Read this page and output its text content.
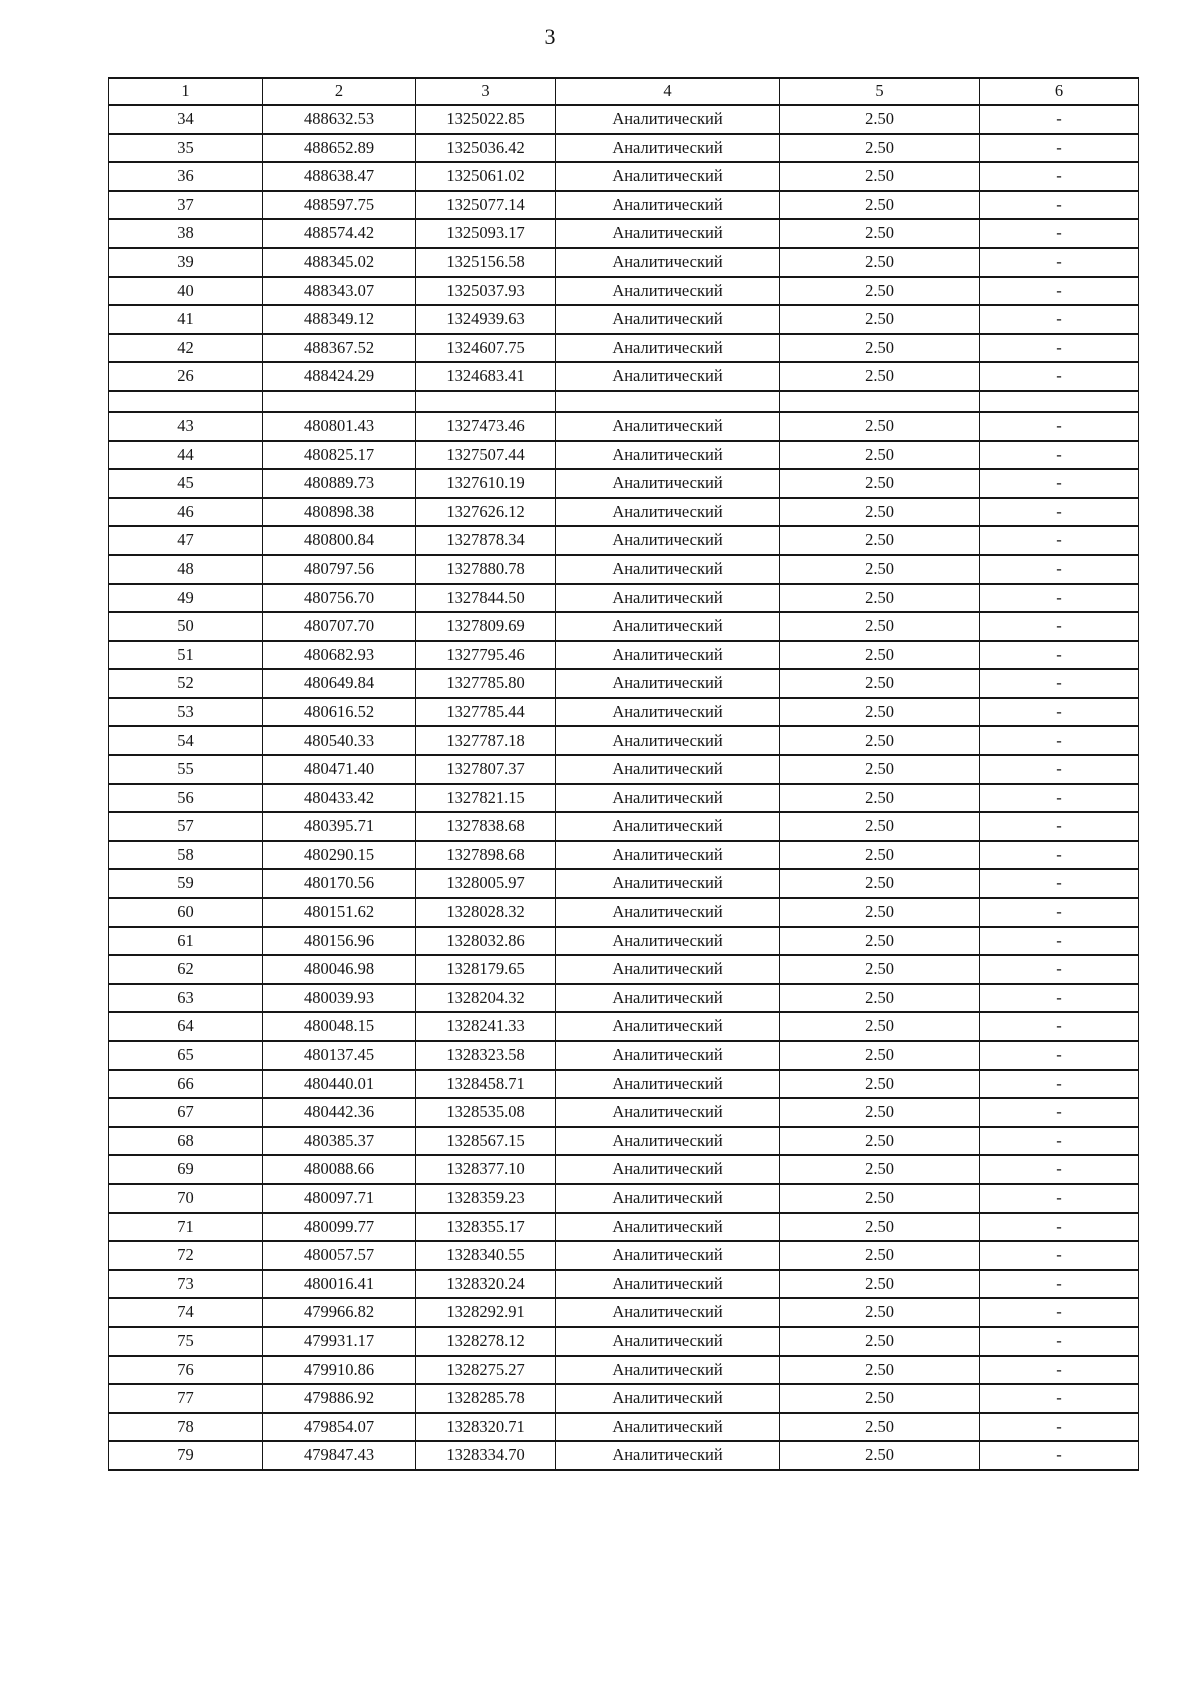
3
1	2	3	4	5	6
34	488632.53	1325022.85	Аналитический	2.50	-
35	488652.89	1325036.42	Аналитический	2.50	-
36	488638.47	1325061.02	Аналитический	2.50	-
37	488597.75	1325077.14	Аналитический	2.50	-
38	488574.42	1325093.17	Аналитический	2.50	-
39	488345.02	1325156.58	Аналитический	2.50	-
40	488343.07	1325037.93	Аналитический	2.50	-
41	488349.12	1324939.63	Аналитический	2.50	-
42	488367.52	1324607.75	Аналитический	2.50	-
26	488424.29	1324683.41	Аналитический	2.50	-

43	480801.43	1327473.46	Аналитический	2.50	-
44	480825.17	1327507.44	Аналитический	2.50	-
45	480889.73	1327610.19	Аналитический	2.50	-
46	480898.38	1327626.12	Аналитический	2.50	-
47	480800.84	1327878.34	Аналитический	2.50	-
48	480797.56	1327880.78	Аналитический	2.50	-
49	480756.70	1327844.50	Аналитический	2.50	-
50	480707.70	1327809.69	Аналитический	2.50	-
51	480682.93	1327795.46	Аналитический	2.50	-
52	480649.84	1327785.80	Аналитический	2.50	-
53	480616.52	1327785.44	Аналитический	2.50	-
54	480540.33	1327787.18	Аналитический	2.50	-
55	480471.40	1327807.37	Аналитический	2.50	-
56	480433.42	1327821.15	Аналитический	2.50	-
57	480395.71	1327838.68	Аналитический	2.50	-
58	480290.15	1327898.68	Аналитический	2.50	-
59	480170.56	1328005.97	Аналитический	2.50	-
60	480151.62	1328028.32	Аналитический	2.50	-
61	480156.96	1328032.86	Аналитический	2.50	-
62	480046.98	1328179.65	Аналитический	2.50	-
63	480039.93	1328204.32	Аналитический	2.50	-
64	480048.15	1328241.33	Аналитический	2.50	-
65	480137.45	1328323.58	Аналитический	2.50	-
66	480440.01	1328458.71	Аналитический	2.50	-
67	480442.36	1328535.08	Аналитический	2.50	-
68	480385.37	1328567.15	Аналитический	2.50	-
69	480088.66	1328377.10	Аналитический	2.50	-
70	480097.71	1328359.23	Аналитический	2.50	-
71	480099.77	1328355.17	Аналитический	2.50	-
72	480057.57	1328340.55	Аналитический	2.50	-
73	480016.41	1328320.24	Аналитический	2.50	-
74	479966.82	1328292.91	Аналитический	2.50	-
75	479931.17	1328278.12	Аналитический	2.50	-
76	479910.86	1328275.27	Аналитический	2.50	-
77	479886.92	1328285.78	Аналитический	2.50	-
78	479854.07	1328320.71	Аналитический	2.50	-
79	479847.43	1328334.70	Аналитический	2.50	-
